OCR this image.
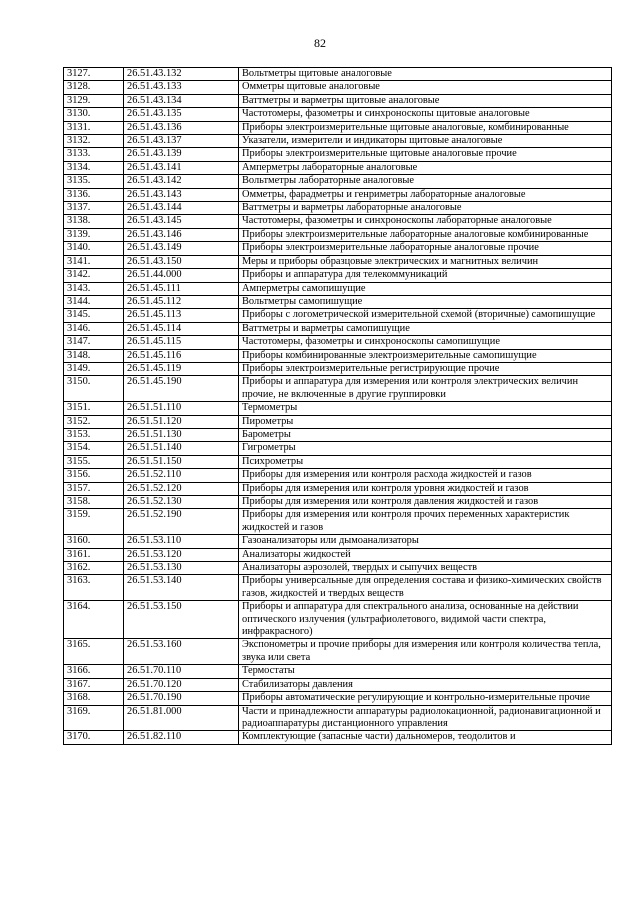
82
3127.	26.51.43.132	Вольтметры щитовые аналоговые
3128.	26.51.43.133	Омметры щитовые аналоговые
3129.	26.51.43.134	Ваттметры и варметры щитовые аналоговые
3130.	26.51.43.135	Частотомеры, фазометры и синхроноскопы щитовые аналоговые
3131.	26.51.43.136	Приборы электроизмерительные щитовые аналоговые, комбинированные
3132.	26.51.43.137	Указатели, измерители и индикаторы щитовые аналоговые
3133.	26.51.43.139	Приборы электроизмерительные щитовые аналоговые прочие
3134.	26.51.43.141	Амперметры лабораторные аналоговые
3135.	26.51.43.142	Вольтметры лабораторные аналоговые
3136.	26.51.43.143	Омметры, фарадметры и генриметры лабораторные аналоговые
3137.	26.51.43.144	Ваттметры и варметры лабораторные аналоговые
3138.	26.51.43.145	Частотомеры, фазометры и синхроноскопы лабораторные аналоговые
3139.	26.51.43.146	Приборы электроизмерительные лабораторные аналоговые комбинированные
3140.	26.51.43.149	Приборы электроизмерительные лабораторные аналоговые прочие
3141.	26.51.43.150	Меры и приборы образцовые электрических и магнитных величин
3142.	26.51.44.000	Приборы и аппаратура для телекоммуникаций
3143.	26.51.45.111	Амперметры самопишущие
3144.	26.51.45.112	Вольтметры самопишущие
3145.	26.51.45.113	Приборы с логометрической измерительной схемой (вторичные) самопишущие
3146.	26.51.45.114	Ваттметры и варметры самопишущие
3147.	26.51.45.115	Частотомеры, фазометры и синхроноскопы самопишущие
3148.	26.51.45.116	Приборы комбинированные электроизмерительные самопишущие
3149.	26.51.45.119	Приборы электроизмерительные регистрирующие прочие
3150.	26.51.45.190	Приборы и аппаратура для измерения или контроля электрических величин прочие, не включенные в другие группировки
3151.	26.51.51.110	Термометры
3152.	26.51.51.120	Пирометры
3153.	26.51.51.130	Барометры
3154.	26.51.51.140	Гигрометры
3155.	26.51.51.150	Психрометры
3156.	26.51.52.110	Приборы для измерения или контроля расхода жидкостей и газов
3157.	26.51.52.120	Приборы для измерения или контроля уровня жидкостей и газов
3158.	26.51.52.130	Приборы для измерения или контроля давления жидкостей и газов
3159.	26.51.52.190	Приборы для измерения или контроля прочих переменных характеристик жидкостей и газов
3160.	26.51.53.110	Газоанализаторы или дымоанализаторы
3161.	26.51.53.120	Анализаторы жидкостей
3162.	26.51.53.130	Анализаторы аэрозолей, твердых и сыпучих веществ
3163.	26.51.53.140	Приборы универсальные для определения состава и физико-химических свойств газов, жидкостей и твердых веществ
3164.	26.51.53.150	Приборы и аппаратура для спектрального анализа, основанные на действии оптического излучения (ультрафиолетового, видимой части спектра, инфракрасного)
3165.	26.51.53.160	Экспонометры и прочие приборы для измерения или контроля количества тепла, звука или света
3166.	26.51.70.110	Термостаты
3167.	26.51.70.120	Стабилизаторы давления
3168.	26.51.70.190	Приборы автоматические регулирующие и контрольно-измерительные прочие
3169.	26.51.81.000	Части и принадлежности аппаратуры радиолокационной, радионавигационной и радиоаппаратуры дистанционного управления
3170.	26.51.82.110	Комплектующие (запасные части) дальномеров, теодолитов и
